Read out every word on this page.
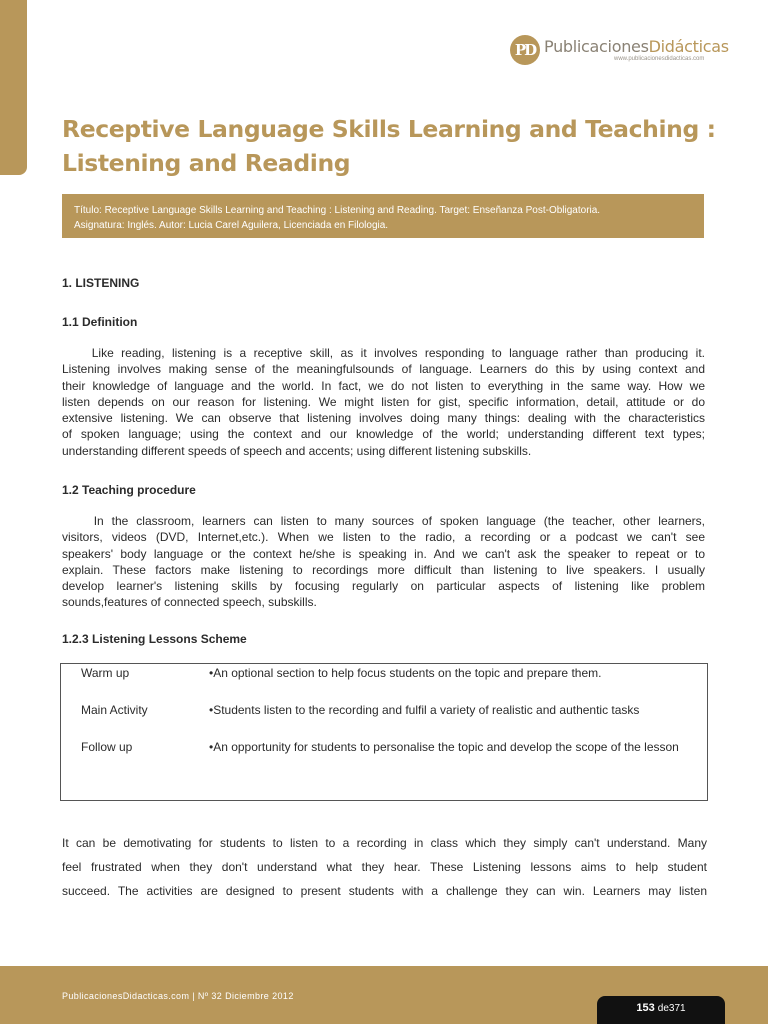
PD PublicacionesDidácticas
www.publicacionesdidacticas.com
Receptive Language Skills Learning and Teaching :
Listening and Reading
Título: Receptive Language Skills Learning and Teaching : Listening and Reading. Target: Enseñanza Post-Obligatoria.
Asignatura: Inglés. Autor: Lucia Carel Aguilera, Licenciada en Filologia.
1. LISTENING
1.1 Definition
Like reading, listening is a receptive skill, as it involves responding to language rather than producing it.
Listening involves making sense of the meaningfulsounds of language. Learners do this by using context and
their knowledge of language and the world. In fact, we do not listen to everything in the same way. How we
listen depends on our reason for listening. We might listen for gist, specific information, detail, attitude or do
extensive listening. We can observe that listening involves doing many things: dealing with the characteristics
of spoken language; using the context and our knowledge of the world; understanding different text types;
understanding different speeds of speech and accents; using different listening subskills.
1.2 Teaching procedure
In the classroom, learners can listen to many sources of spoken language (the teacher, other learners,
visitors, videos (DVD, Internet,etc.). When we listen to the radio, a recording or a podcast we can't see
speakers' body language or the context he/she is speaking in. And we can't ask the speaker to repeat or to
explain. These factors make listening to recordings more difficult than listening to live speakers. I usually
develop learner's listening skills by focusing regularly on particular aspects of listening like problem
sounds,features of connected speech, subskills.
1.2.3 Listening Lessons Scheme
Warm up	•An optional section to help focus students on the topic and prepare them.
Main Activity	•Students listen to the recording and fulfil a variety of realistic and authentic tasks
Follow up	•An opportunity for students to personalise the topic and develop the scope of the lesson
It can be demotivating for students to listen to a recording in class which they simply can't understand. Many
feel frustrated when they don't understand what they hear. These Listening lessons aims to help student
succeed. The activities are designed to present students with a challenge they can win. Learners may listen
PublicacionesDidacticas.com | Nº 32 Diciembre 2012
153 de371
